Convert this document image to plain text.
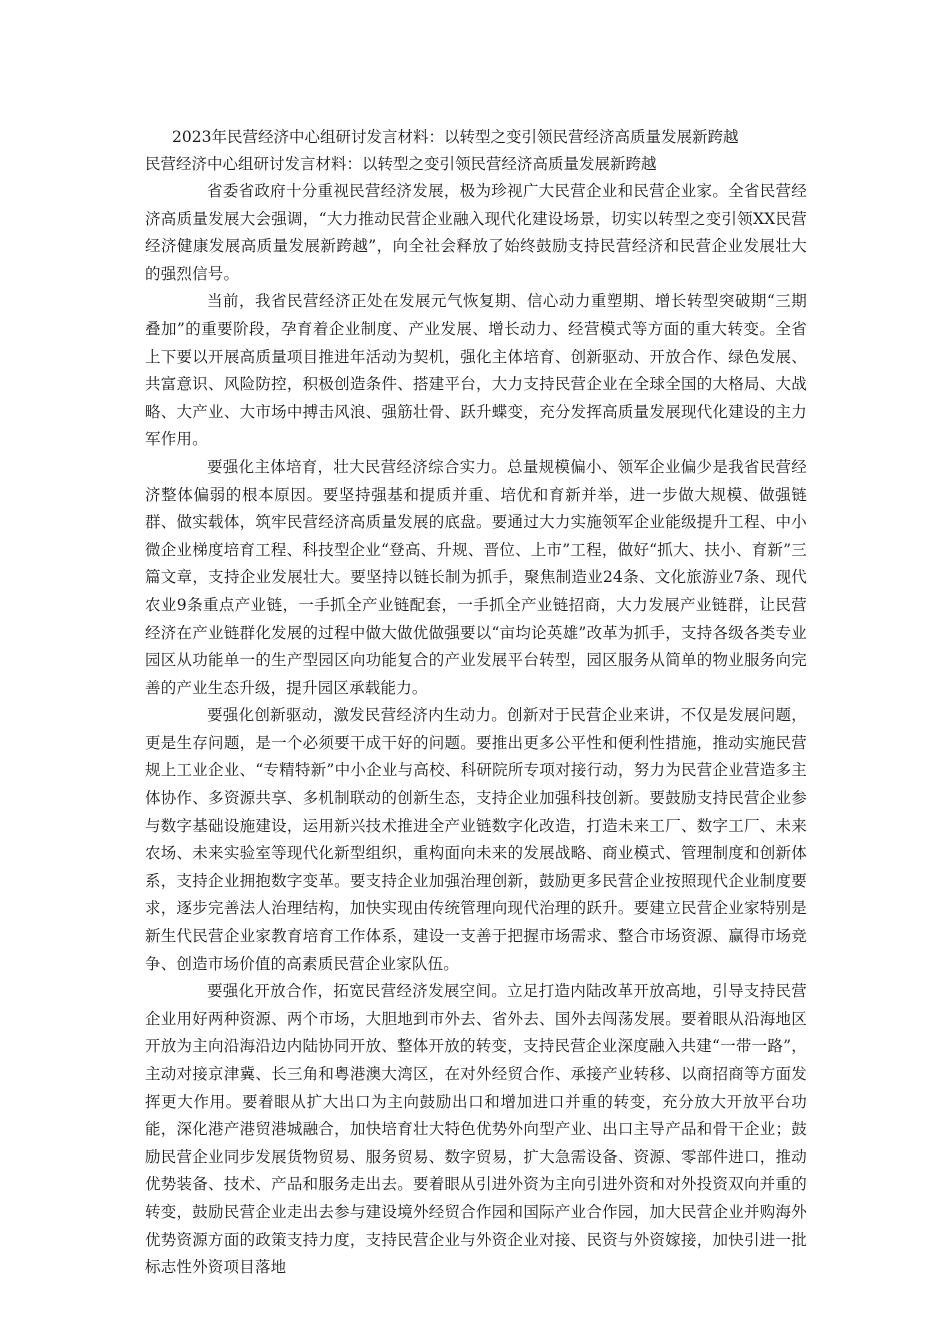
2023年民营经济中心组研讨发言材料：以转型之变引领民营经济高质量发展新跨越

民营经济中心组研讨发言材料：以转型之变引领民营经济高质量发展新跨越

省委省政府十分重视民营经济发展，极为珍视广大民营企业和民营企业家。全省民营经济高质量发展大会强调，“大力推动民营企业融入现代化建设场景，切实以转型之变引领XX民营经济健康发展高质量发展新跨越”，向全社会释放了始终鼓励支持民营经济和民营企业发展壮大的强烈信号。

当前，我省民营经济正处在发展元气恢复期、信心动力重塑期、增长转型突破期“三期叠加”的重要阶段，孕育着企业制度、产业发展、增长动力、经营模式等方面的重大转变。全省上下要以开展高质量项目推进年活动为契机，强化主体培育、创新驱动、开放合作、绿色发展、共富意识、风险防控，积极创造条件、搭建平台，大力支持民营企业在全球全国的大格局、大战略、大产业、大市场中搏击风浪、强筋壮骨、跃升蝶变，充分发挥高质量发展现代化建设的主力军作用。

要强化主体培育，壮大民营经济综合实力。总量规模偏小、领军企业偏少是我省民营经济整体偏弱的根本原因。要坚持强基和提质并重、培优和育新并举，进一步做大规模、做强链群、做实载体，筑牢民营经济高质量发展的底盘。要通过大力实施领军企业能级提升工程、中小微企业梯度培育工程、科技型企业“登高、升规、晋位、上市”工程，做好“抓大、扶小、育新”三篇文章，支持企业发展壮大。要坚持以链长制为抓手，聚焦制造业24条、文化旅游业7条、现代农业9条重点产业链，一手抓全产业链配套，一手抓全产业链招商，大力发展产业链群，让民营经济在产业链群化发展的过程中做大做优做强要以“亩均论英雄”改革为抓手，支持各级各类专业园区从功能单一的生产型园区向功能复合的产业发展平台转型，园区服务从简单的物业服务向完善的产业生态升级，提升园区承载能力。

要强化创新驱动，激发民营经济内生动力。创新对于民营企业来讲，不仅是发展问题，更是生存问题，是一个必须要干成干好的问题。要推出更多公平性和便利性措施，推动实施民营规上工业企业、“专精特新”中小企业与高校、科研院所专项对接行动，努力为民营企业营造多主体协作、多资源共享、多机制联动的创新生态，支持企业加强科技创新。要鼓励支持民营企业参与数字基础设施建设，运用新兴技术推进全产业链数字化改造，打造未来工厂、数字工厂、未来农场、未来实验室等现代化新型组织，重构面向未来的发展战略、商业模式、管理制度和创新体系，支持企业拥抱数字变革。要支持企业加强治理创新，鼓励更多民营企业按照现代企业制度要求，逐步完善法人治理结构，加快实现由传统管理向现代治理的跃升。要建立民营企业家特别是新生代民营企业家教育培育工作体系，建设一支善于把握市场需求、整合市场资源、赢得市场竞争、创造市场价值的高素质民营企业家队伍。

要强化开放合作，拓宽民营经济发展空间。立足打造内陆改革开放高地，引导支持民营企业用好两种资源、两个市场，大胆地到市外去、省外去、国外去闯荡发展。要着眼从沿海地区开放为主向沿海沿边内陆协同开放、整体开放的转变，支持民营企业深度融入共建“一带一路”，主动对接京津冀、长三角和粤港澳大湾区，在对外经贸合作、承接产业转移、以商招商等方面发挥更大作用。要着眼从扩大出口为主向鼓励出口和增加进口并重的转变，充分放大开放平台功能，深化港产港贸港城融合，加快培育壮大特色优势外向型产业、出口主导产品和骨干企业；鼓励民营企业同步发展货物贸易、服务贸易、数字贸易，扩大急需设备、资源、零部件进口，推动优势装备、技术、产品和服务走出去。要着眼从引进外资为主向引进外资和对外投资双向并重的转变，鼓励民营企业走出去参与建设境外经贸合作园和国际产业合作园，加大民营企业并购海外优势资源方面的政策支持力度，支持民营企业与外资企业对接、民资与外资嫁接，加快引进一批标志性外资项目落地
